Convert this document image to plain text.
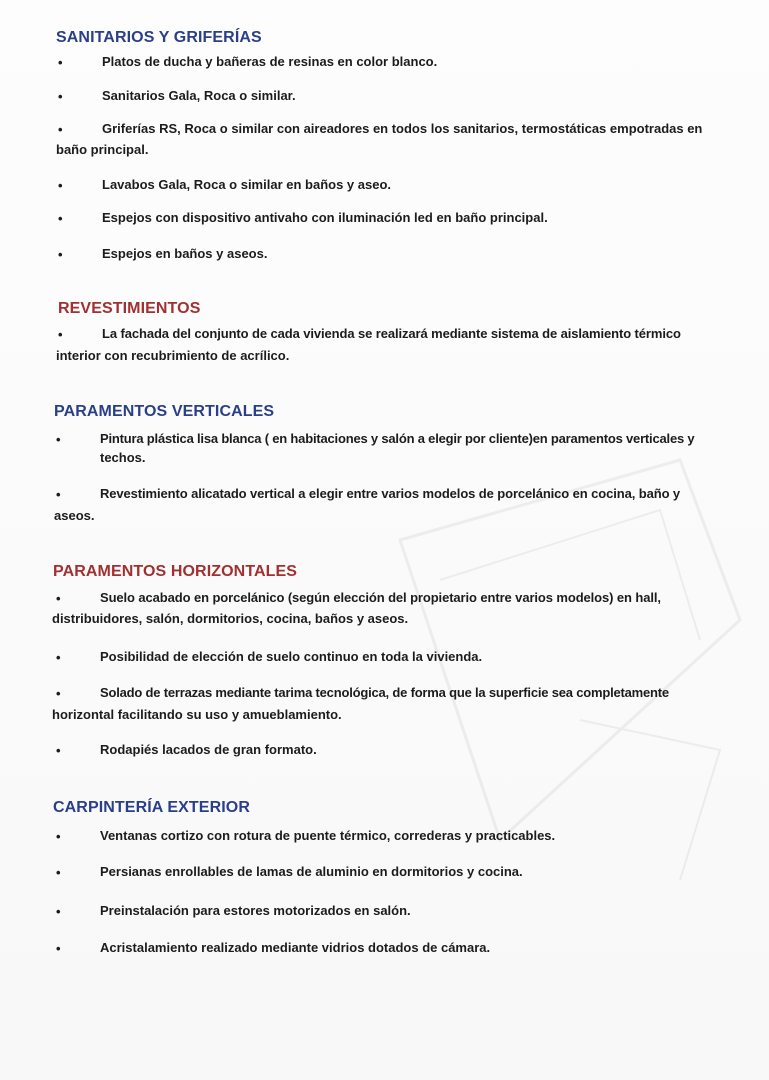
SANITARIOS Y GRIFERÍAS
•	Platos de ducha y bañeras de resinas en color blanco.
•	Sanitarios Gala, Roca o similar.
•	Griferías RS, Roca o similar con aireadores en todos los sanitarios, termostáticas empotradas en
baño principal.
•	Lavabos Gala, Roca o similar en baños y aseo.
•	Espejos con dispositivo antivaho con iluminación led en baño principal.
•	Espejos en baños y aseos.
REVESTIMIENTOS
•	La fachada del conjunto de cada vivienda se realizará mediante sistema de aislamiento térmico
interior con recubrimiento de acrílico.
PARAMENTOS VERTICALES
•	Pintura plástica lisa blanca ( en habitaciones y salón a elegir por cliente)en paramentos verticales y
techos.
•	Revestimiento alicatado vertical a elegir entre varios modelos de porcelánico en cocina, baño y
aseos.
PARAMENTOS HORIZONTALES
•	Suelo acabado en porcelánico (según elección del propietario entre varios modelos) en hall,
distribuidores, salón, dormitorios, cocina, baños y aseos.
•	Posibilidad de elección de suelo continuo en toda la vivienda.
•	Solado de terrazas mediante tarima tecnológica, de forma que la superficie sea completamente
horizontal facilitando su uso y amueblamiento.
•	Rodapiés lacados de gran formato.
CARPINTERÍA EXTERIOR
•	Ventanas cortizo con rotura de puente térmico, correderas y practicables.
•	Persianas enrollables de lamas de aluminio en dormitorios y cocina.
•	Preinstalación para estores motorizados en salón.
•	Acristalamiento realizado mediante vidrios dotados de cámara.
